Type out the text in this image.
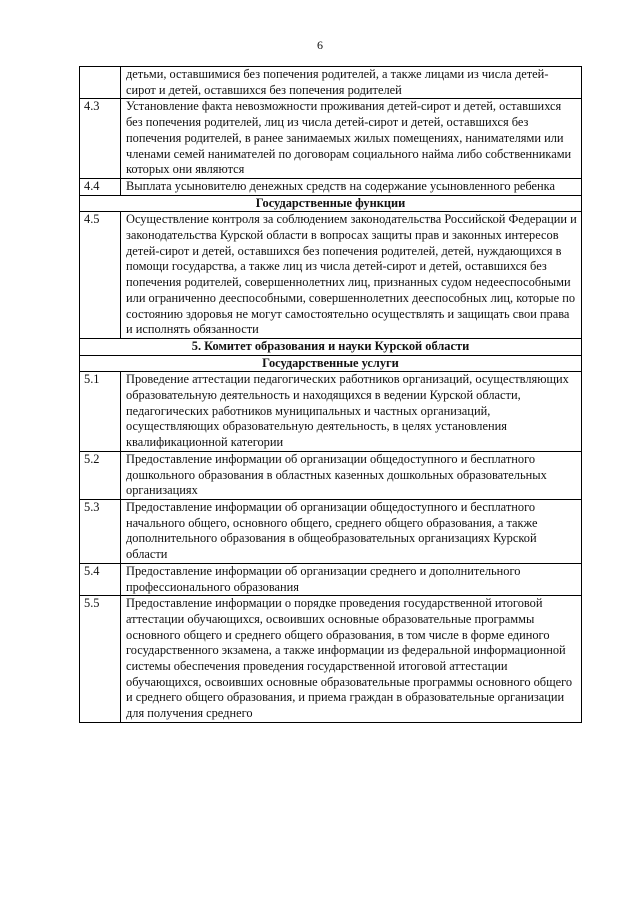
6
	детьми, оставшимися без попечения родителей, а также лицами из числа детей-сирот и детей, оставшихся без попечения родителей
4.3	Установление факта невозможности проживания детей-сирот и детей, оставшихся без попечения родителей, лиц из числа детей-сирот и детей, оставшихся без попечения родителей, в ранее занимаемых жилых помещениях, нанимателями или членами семей нанимателей по договорам социального найма либо собственниками которых они являются
4.4	Выплата усыновителю денежных средств на содержание усыновленного ребенка
Государственные функции	
4.5	Осуществление контроля за соблюдением законодательства Российской Федерации и законодательства Курской области в вопросах защиты прав и законных интересов детей-сирот и детей, оставшихся без попечения родителей, детей, нуждающихся в помощи государства, а также лиц из числа детей-сирот и детей, оставшихся без попечения родителей, совершеннолетних лиц, признанных судом недееспособными или ограниченно дееспособными, совершеннолетних дееспособных лиц, которые по состоянию здоровья не могут самостоятельно осуществлять и защищать свои права и исполнять обязанности
5. Комитет образования и науки Курской области	
Государственные услуги	
5.1	Проведение аттестации педагогических работников организаций, осуществляющих образовательную деятельность и находящихся в ведении Курской области, педагогических работников муниципальных и частных организаций, осуществляющих образовательную деятельность, в целях установления квалификационной категории
5.2	Предоставление информации об организации общедоступного и бесплатного дошкольного образования в областных казенных дошкольных образовательных организациях
5.3	Предоставление информации об организации общедоступного и бесплатного начального общего, основного общего, среднего общего образования, а также дополнительного образования в общеобразовательных организациях Курской области
5.4	Предоставление информации об организации среднего и дополнительного профессионального образования
5.5	Предоставление информации о порядке проведения государственной итоговой аттестации обучающихся, освоивших основные образовательные программы основного общего и среднего общего образования, в том числе в форме единого государственного экзамена, а также информации из федеральной информационной системы обеспечения проведения государственной итоговой аттестации обучающихся, освоивших основные образовательные программы основного общего и среднего общего образования, и приема граждан в образовательные организации для получения среднего
